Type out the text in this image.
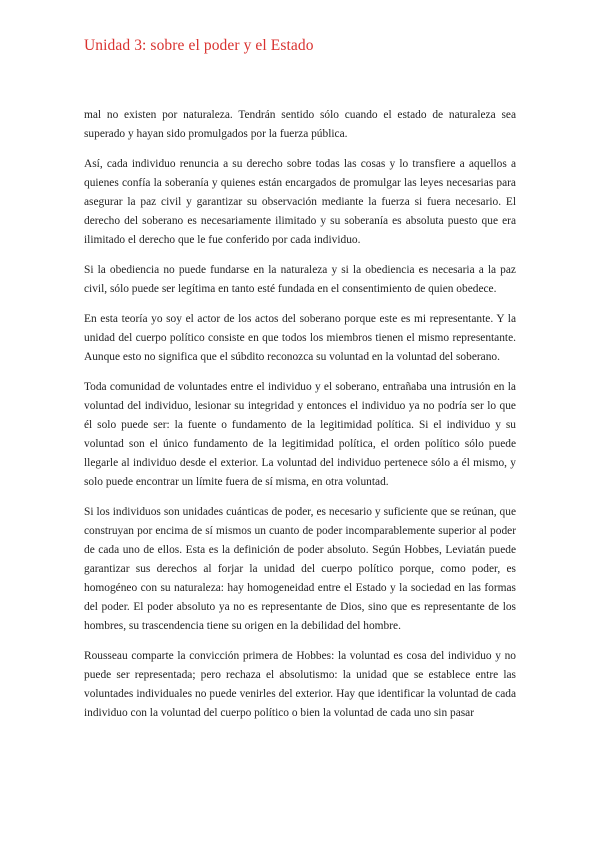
Unidad 3: sobre el poder y el Estado

mal no existen por naturaleza. Tendrán sentido sólo cuando el estado de naturaleza sea superado y hayan sido promulgados por la fuerza pública.

Así, cada individuo renuncia a su derecho sobre todas las cosas y lo transfiere a aquellos a quienes confía la soberanía y quienes están encargados de promulgar las leyes necesarias para asegurar la paz civil y garantizar su observación mediante la fuerza si fuera necesario. El derecho del soberano es necesariamente ilimitado y su soberanía es absoluta puesto que era ilimitado el derecho que le fue conferido por cada individuo.

Si la obediencia no puede fundarse en la naturaleza y si la obediencia es necesaria a la paz civil, sólo puede ser legítima en tanto esté fundada en el consentimiento de quien obedece.

En esta teoría yo soy el actor de los actos del soberano porque este es mi representante. Y la unidad del cuerpo político consiste en que todos los miembros tienen el mismo representante. Aunque esto no significa que el súbdito reconozca su voluntad en la voluntad del soberano.

Toda comunidad de voluntades entre el individuo y el soberano, entrañaba una intrusión en la voluntad del individuo, lesionar su integridad y entonces el individuo ya no podría ser lo que él solo puede ser: la fuente o fundamento de la legitimidad política. Si el individuo y su voluntad son el único fundamento de la legitimidad política, el orden político sólo puede llegarle al individuo desde el exterior. La voluntad del individuo pertenece sólo a él mismo, y solo puede encontrar un límite fuera de sí misma, en otra voluntad.

Si los individuos son unidades cuánticas de poder, es necesario y suficiente que se reúnan, que construyan por encima de sí mismos un cuanto de poder incomparablemente superior al poder de cada uno de ellos. Esta es la definición de poder absoluto. Según Hobbes, Leviatán puede garantizar sus derechos al forjar la unidad del cuerpo político porque, como poder, es homogéneo con su naturaleza: hay homogeneidad entre el Estado y la sociedad en las formas del poder. El poder absoluto ya no es representante de Dios, sino que es representante de los hombres, su trascendencia tiene su origen en la debilidad del hombre.

Rousseau comparte la convicción primera de Hobbes: la voluntad es cosa del individuo y no puede ser representada; pero rechaza el absolutismo: la unidad que se establece entre las voluntades individuales no puede venirles del exterior. Hay que identificar la voluntad de cada individuo con la voluntad del cuerpo político o bien la voluntad de cada uno sin pasar
